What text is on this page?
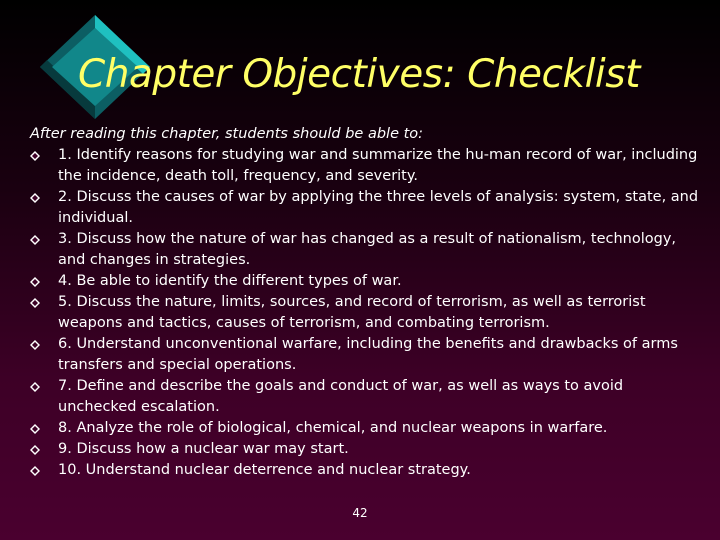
Chapter Objectives: Checklist

After reading this chapter, students should be able to:

1. Identify reasons for studying war and summarize the hu-man record of war, including the incidence, death toll, frequency, and severity.
2. Discuss the causes of war by applying the three levels of analysis: system, state, and individual.
3. Discuss how the nature of war has changed as a result of nationalism, technology, and changes in strategies.
4. Be able to identify the different types of war.
5. Discuss the nature, limits, sources, and record of terrorism, as well as terrorist weapons and tactics, causes of terrorism, and combating terrorism.
6. Understand unconventional warfare, including the benefits and drawbacks of arms transfers and special operations.
7. Define and describe the goals and conduct of war, as well as ways to avoid unchecked escalation.
8. Analyze the role of biological, chemical, and nuclear weapons in warfare.
9. Discuss how a nuclear war may start.
10. Understand nuclear deterrence and nuclear strategy.
42
